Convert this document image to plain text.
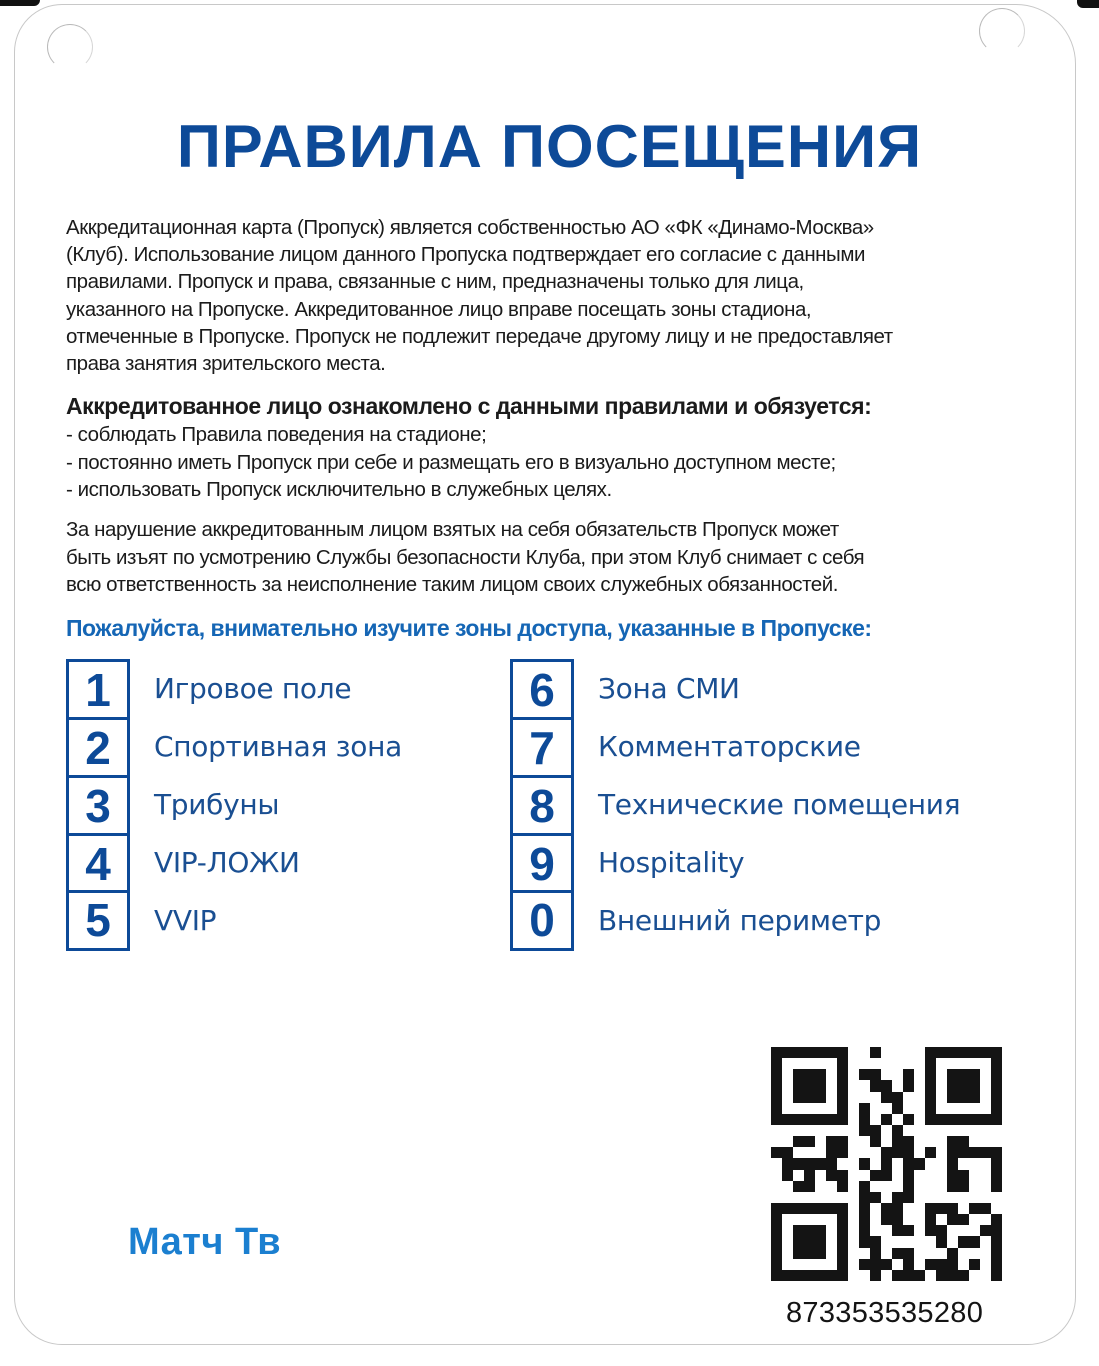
ПРАВИЛА ПОСЕЩЕНИЯ
Аккредитационная карта (Пропуск) является собственностью АО «ФК «Динамо-Москва»
(Клуб). Использование лицом данного Пропуска подтверждает его согласие с данными
правилами. Пропуск и права, связанные с ним, предназначены только для лица,
указанного на Пропуске. Аккредитованное лицо вправе посещать зоны стадиона,
отмеченные в Пропуске. Пропуск не подлежит передаче другому лицу и не предоставляет
права занятия зрительского места.
Аккредитованное лицо ознакомлено с данными правилами и обязуется:
- соблюдать Правила поведения на стадионе;
- постоянно иметь Пропуск при себе и размещать его в визуально доступном месте;
- использовать Пропуск исключительно в служебных целях.
За нарушение аккредитованным лицом взятых на себя обязательств Пропуск может
быть изъят по усмотрению Службы безопасности Клуба, при этом Клуб снимает с себя
всю ответственность за неисполнение таким лицом своих служебных обязанностей.
Пожалуйста, внимательно изучите зоны доступа, указанные в Пропуске:
1	Игровое поле
2	Спортивная зона
3	Трибуны
4	VIP-ЛОЖИ
5	VVIP
6	Зона СМИ
7	Комментаторские
8	Технические помещения
9	Hospitality
0	Внешний периметр
Матч Тв
873353535280
